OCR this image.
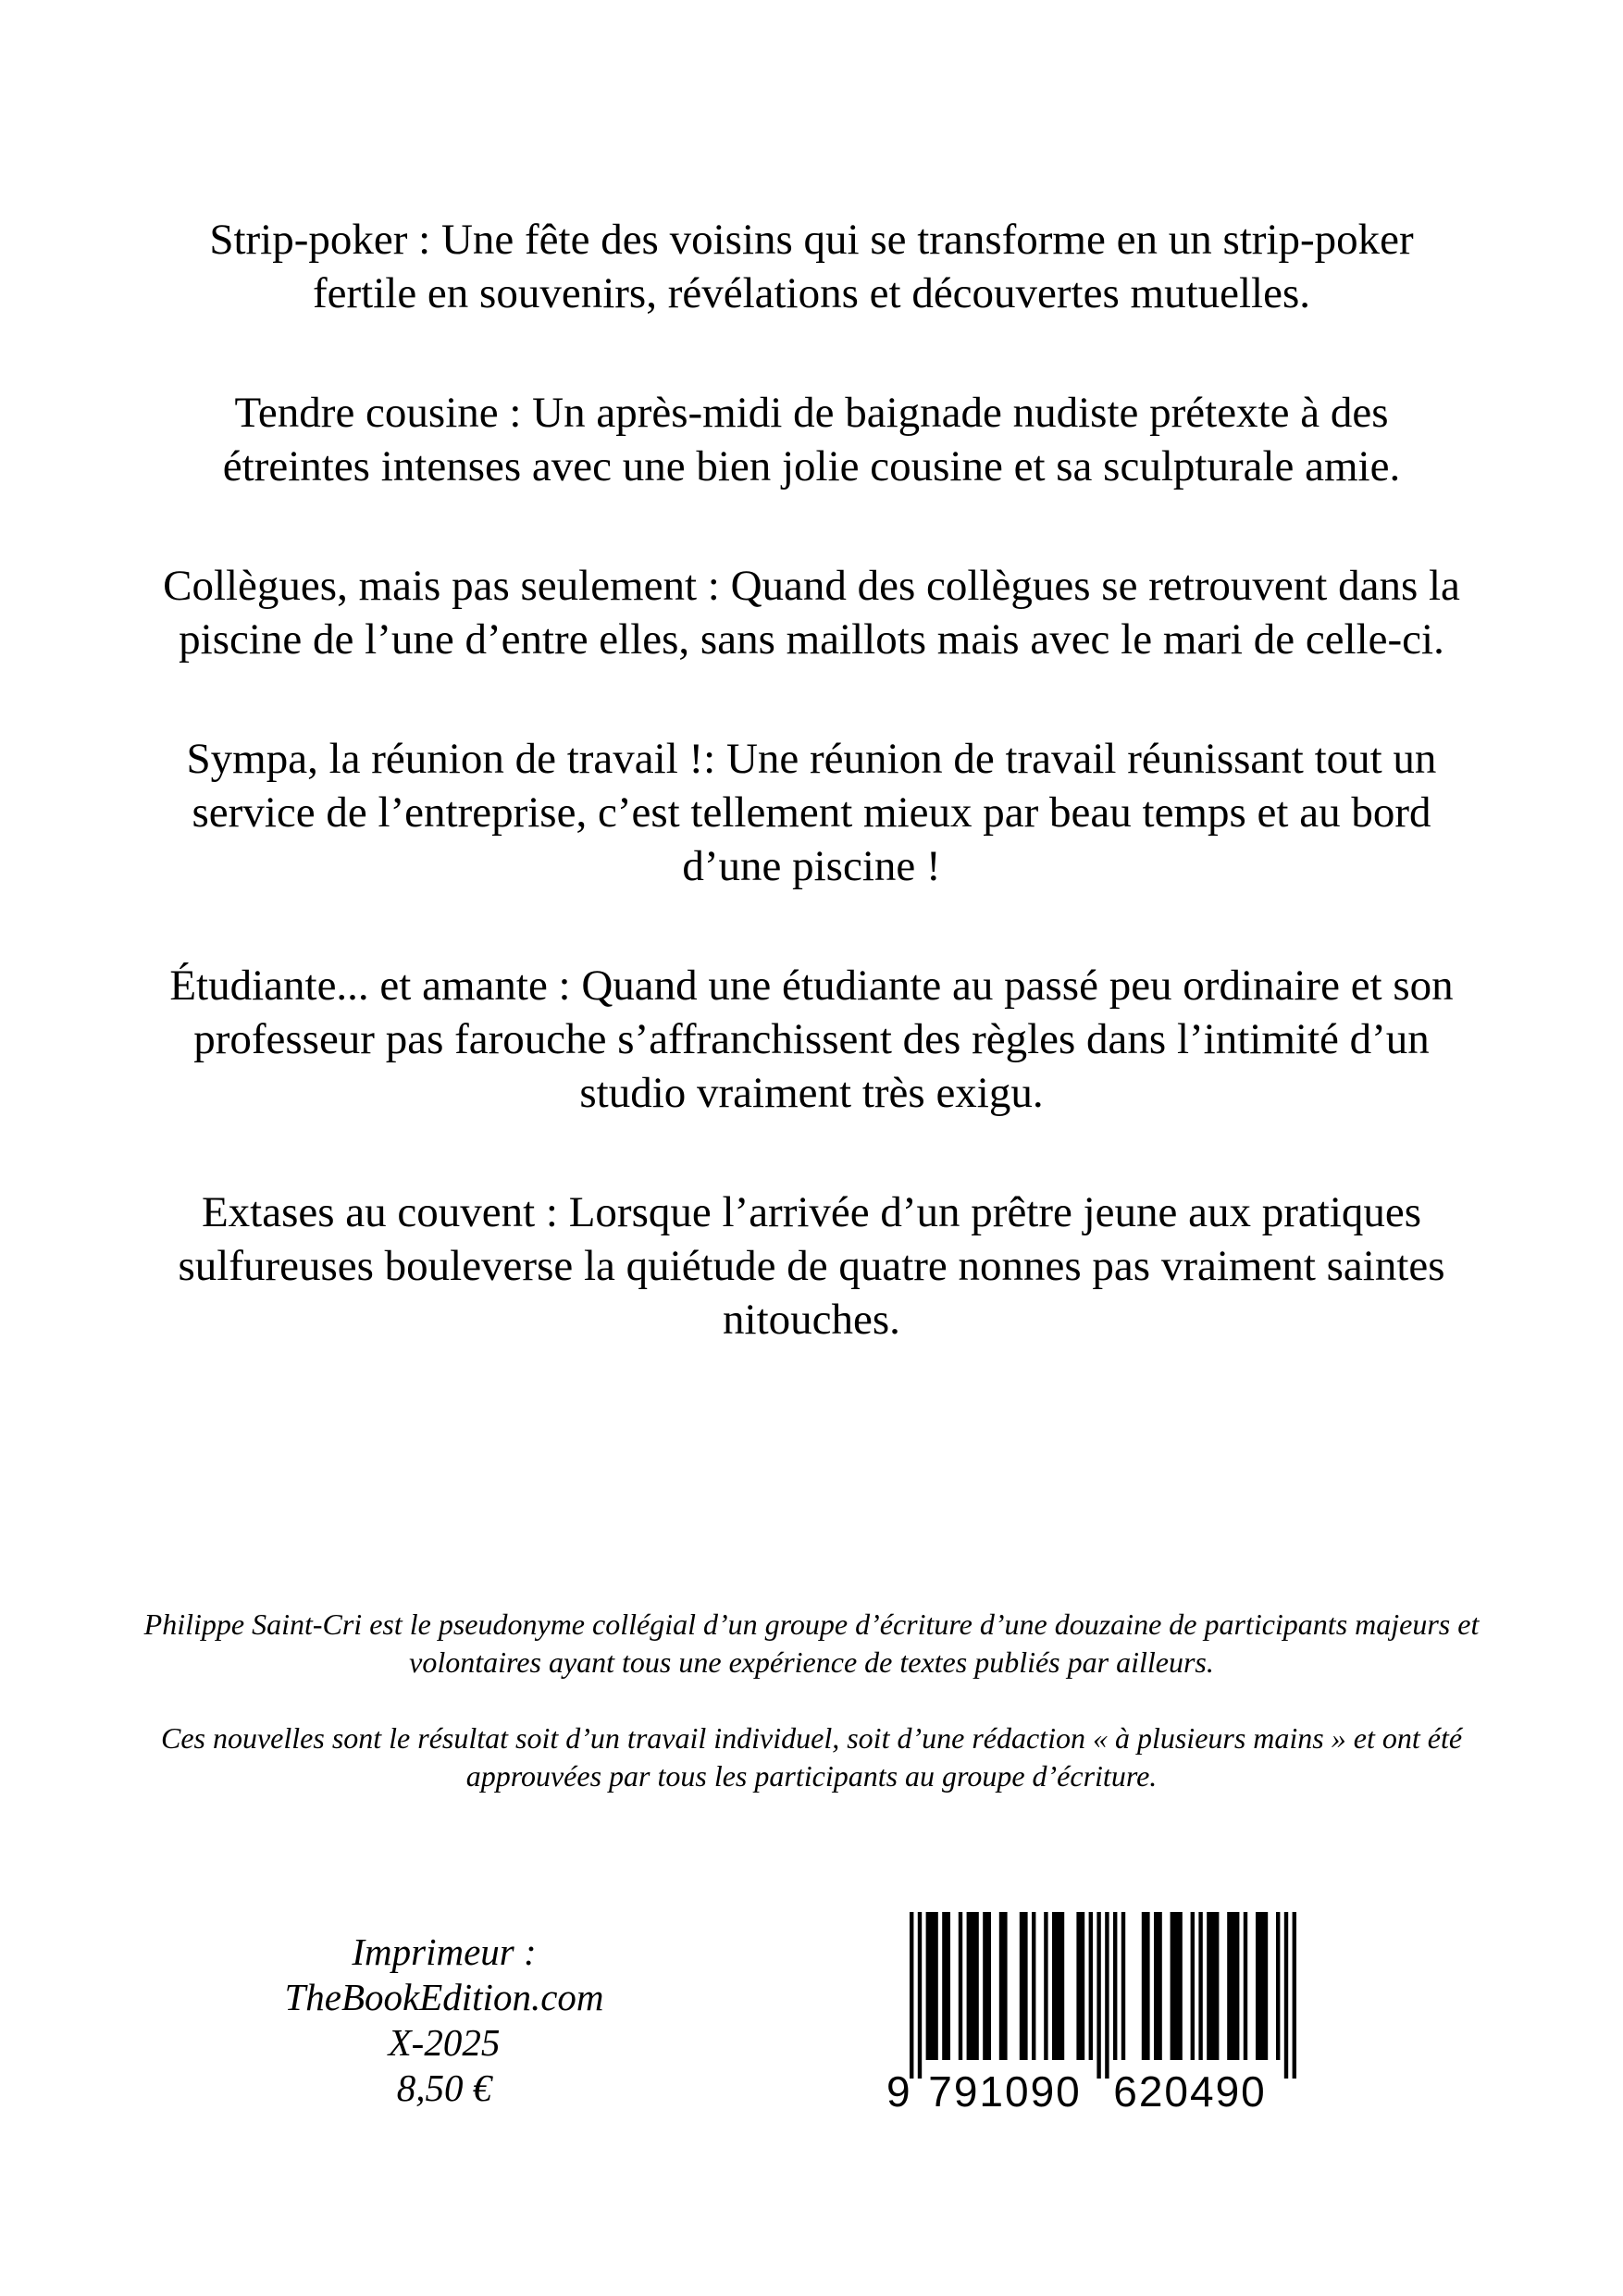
Strip-poker : Une fête des voisins qui se transforme en un strip-poker fertile en souvenirs, révélations et découvertes mutuelles.

Tendre cousine : Un après-midi de baignade nudiste prétexte à des étreintes intenses avec une bien jolie cousine et sa sculpturale amie.

Collègues, mais pas seulement : Quand des collègues se retrouvent dans la piscine de l’une d’entre elles, sans maillots mais avec le mari de celle-ci.

Sympa, la réunion de travail !: Une réunion de travail réunissant tout un service de l’entreprise, c’est tellement mieux par beau temps et au bord d’une piscine !

Étudiante... et amante : Quand une étudiante au passé peu ordinaire et son professeur pas farouche s’affranchissent des règles dans l’intimité d’un studio vraiment très exigu.

Extases au couvent : Lorsque l’arrivée d’un prêtre jeune aux pratiques sulfureuses bouleverse la quiétude de quatre nonnes pas vraiment saintes nitouches.

Philippe Saint-Cri est le pseudonyme collégial d’un groupe d’écriture d’une douzaine de participants majeurs et volontaires ayant tous une expérience de textes publiés par ailleurs.

Ces nouvelles sont le résultat soit d’un travail individuel, soit d’une rédaction « à plusieurs mains » et ont été approuvées par tous les participants au groupe d’écriture.

Imprimeur :
TheBookEdition.com
X-2025
8,50 €	9 791090 620490
